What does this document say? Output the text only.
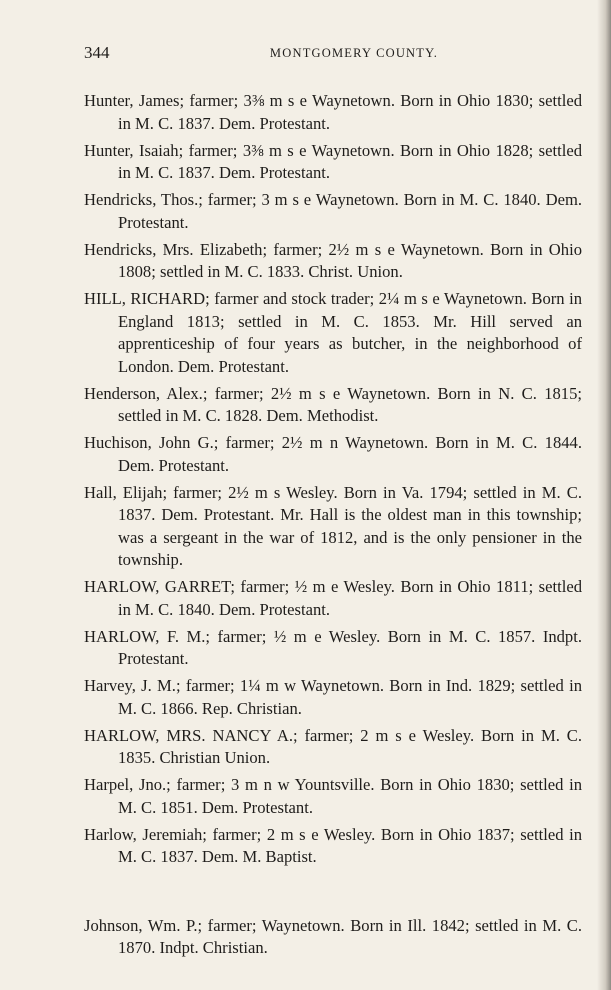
344	MONTGOMERY COUNTY.

Hunter, James; farmer; 3⅜ m s e Waynetown. Born in Ohio 1830; settled in M. C. 1837. Dem. Protestant.

Hunter, Isaiah; farmer; 3⅜ m s e Waynetown. Born in Ohio 1828; settled in M. C. 1837. Dem. Protestant.

Hendricks, Thos.; farmer; 3 m s e Waynetown. Born in M. C. 1840. Dem. Protestant.

Hendricks, Mrs. Elizabeth; farmer; 2½ m s e Waynetown. Born in Ohio 1808; settled in M. C. 1833. Christ. Union.

HILL, RICHARD; farmer and stock trader; 2¼ m s e Waynetown. Born in England 1813; settled in M. C. 1853. Mr. Hill served an apprenticeship of four years as butcher, in the neighborhood of London. Dem. Protestant.

Henderson, Alex.; farmer; 2½ m s e Waynetown. Born in N. C. 1815; settled in M. C. 1828. Dem. Methodist.

Huchison, John G.; farmer; 2½ m n Waynetown. Born in M. C. 1844. Dem. Protestant.

Hall, Elijah; farmer; 2½ m s Wesley. Born in Va. 1794; settled in M. C. 1837. Dem. Protestant. Mr. Hall is the oldest man in this township; was a sergeant in the war of 1812, and is the only pensioner in the township.

HARLOW, GARRET; farmer; ½ m e Wesley. Born in Ohio 1811; settled in M. C. 1840. Dem. Protestant.

HARLOW, F. M.; farmer; ½ m e Wesley. Born in M. C. 1857. Indpt. Protestant.

Harvey, J. M.; farmer; 1¼ m w Waynetown. Born in Ind. 1829; settled in M. C. 1866. Rep. Christian.

HARLOW, MRS. NANCY A.; farmer; 2 m s e Wesley. Born in M. C. 1835. Christian Union.

Harpel, Jno.; farmer; 3 m n w Yountsville. Born in Ohio 1830; settled in M. C. 1851. Dem. Protestant.

Harlow, Jeremiah; farmer; 2 m s e Wesley. Born in Ohio 1837; settled in M. C. 1837. Dem. M. Baptist.

Johnson, Wm. P.; farmer; Waynetown. Born in Ill. 1842; settled in M. C. 1870. Indpt. Christian.
